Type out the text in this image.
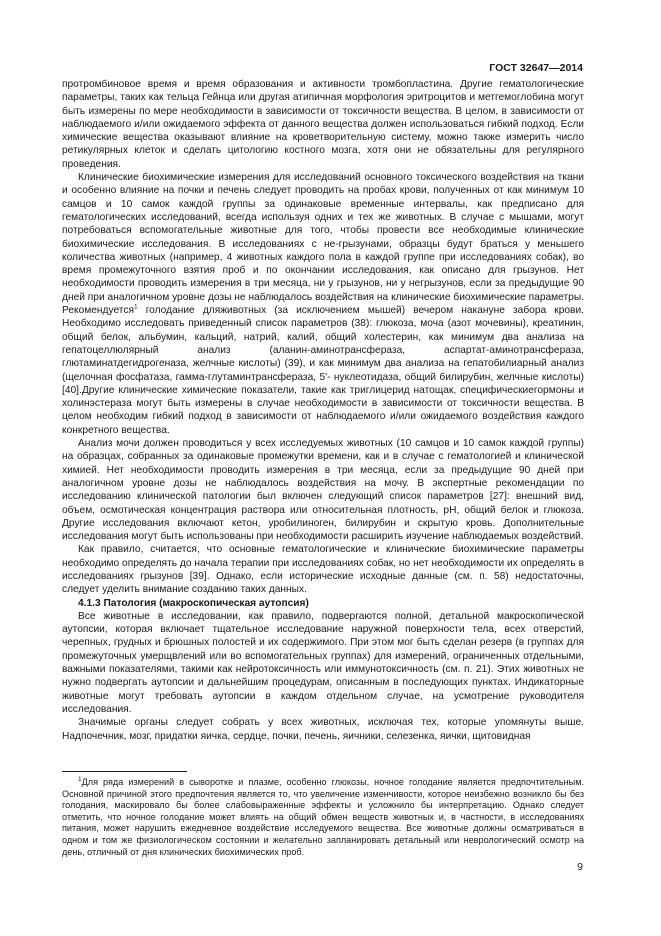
ГОСТ 32647—2014

протромбиновое время и время образования и активности тромбопластина. Другие гематологические параметры, таких как тельца Гейнца или другая атипичная морфология эритроцитов и метгемоглобина могут быть измерены по мере необходимости в зависимости от токсичности вещества. В целом, в зависимости от наблюдаемого и/или ожидаемого эффекта от данного вещества должен использоваться гибкий подход. Если химические вещества оказывают влияние на кроветворительную систему, можно также измерить число ретикулярных клеток и сделать цитологию костного мозга, хотя они не обязательны для регулярного проведения.

Клинические биохимические измерения для исследований основного токсического воздействия на ткани и особенно влияние на почки и печень следует проводить на пробах крови, полученных от как минимум 10 самцов и 10 самок каждой группы за одинаковые временные интервалы, как предписано для гематологических исследований, всегда используя одних и тех же животных. В случае с мышами, могут потребоваться вспомогательные животные для того, чтобы провести все необходимые клинические биохимические исследования. В исследованиях с не-грызунами, образцы будут браться у меньшего количества животных (например, 4 животных каждого пола в каждой группе при исследованиях собак), во время промежуточного взятия проб и по окончании исследования, как описано для грызунов. Нет необходимости проводить измерения в три месяца, ни у грызунов, ни у негрызунов, если за предыдущие 90 дней при аналогичном уровне дозы не наблюдалось воздействия на клинические биохимические параметры. Рекомендуется$^1$ голодание дляживотных (за исключением мышей) вечером накануне забора крови. Необходимо исследовать приведенный список параметров (38): глюкоза, моча (азот мочевины), креатинин, общий белок, альбумин, кальций, натрий, калий, общий холестерин, как минимум два анализа на гепатоцеллюлярный анализ (аланин-аминотрансфераза, аспартат-аминотрансфераза, глютаминатдегидрогеназа, желчные кислоты) (39), и как минимум два анализа на гепатобилиарный анализ (щелочная фосфатаза, гамма-глутаминтрансфераза, 5'- нуклеотидаза, общий билирубин, желчные кислоты) [40].Другие клинические химические показатели, такие как триглицерид натощак, специфическиегормоны и холинэстераза могут быть измерены в случае необходимости в зависимости от токсичности вещества. В целом необходим гибкий подход в зависимости от наблюдаемого и/или ожидаемого воздействия каждого конкретного вещества.

Анализ мочи должен проводиться у всех исследуемых животных (10 самцов и 10 самок каждой группы) на образцах, собранных за одинаковые промежутки времени, как и в случае с гематологией и клинической химией. Нет необходимости проводить измерения в три месяца, если за предыдущие 90 дней при аналогичном уровне дозы не наблюдалось воздействия на мочу. В экспертные рекомендации по исследованию клинической патологии был включен следующий список параметров [27]: внешний вид, объем, осмотическая концентрация раствора или относительная плотность, pH, общий белок и глюкоза. Другие исследования включают кетон, уробилиноген, билирубин и скрытую кровь. Дополнительные исследования могут быть использованы при необходимости расширить изучение наблюдаемых воздействий.

Как правило, считается, что основные гематологические и клинические биохимические параметры необходимо определять до начала терапии при исследованиях собак, но нет необходимости их определять в исследованиях грызунов [39]. Однако, если исторические исходные данные (см. п. 58) недостаточны, следует уделить внимание созданию таких данных.

4.1.3 Патология (макроскопическая аутопсия)

Все животные в исследовании, как правило, подвергаются полной, детальной макроскопической аутопсии, которая включает тщательное исследование наружной поверхности тела, всех отверстий, черепных, грудных и брюшных полостей и их содержимого. При этом мог быть сделан резерв (в группах для промежуточных умерщвлений или во вспомогательных группах) для измерений, ограниченных отдельными, важными показателями, такими как нейротоксичность или иммунотоксичность (см. п. 21). Этих животных не нужно подвергать аутопсии и дальнейшим процедурам, описанным в последующих пунктах. Индикаторные животные могут требовать аутопсии в каждом отдельном случае, на усмотрение руководителя исследования.

Значимые органы следует собрать у всех животных, исключая тех, которые упомянуты выше. Надпочечник, мозг, придатки яичка, сердце, почки, печень, яичники, селезенка, яички, щитовидная

$^1$Для ряда измерений в сыворотке и плазме, особенно глюкозы, ночное голодание является предпочтительным. Основной причиной этого предпочтения является то, что увеличение изменчивости, которое неизбежно возникло бы без голодания, маскировало бы более слабовыраженные эффекты и усложнило бы интерпретацию. Однако следует отметить, что ночное голодание может влиять на общий обмен веществ животных и, в частности, в исследованиях питания, может нарушить ежедневное воздействие исследуемого вещества. Все животные должны осматриваться в одном и том же физиологическом состоянии и желательно запланировать детальный или неврологический осмотр на день, отличный от дня клинических биохимических проб.

9
